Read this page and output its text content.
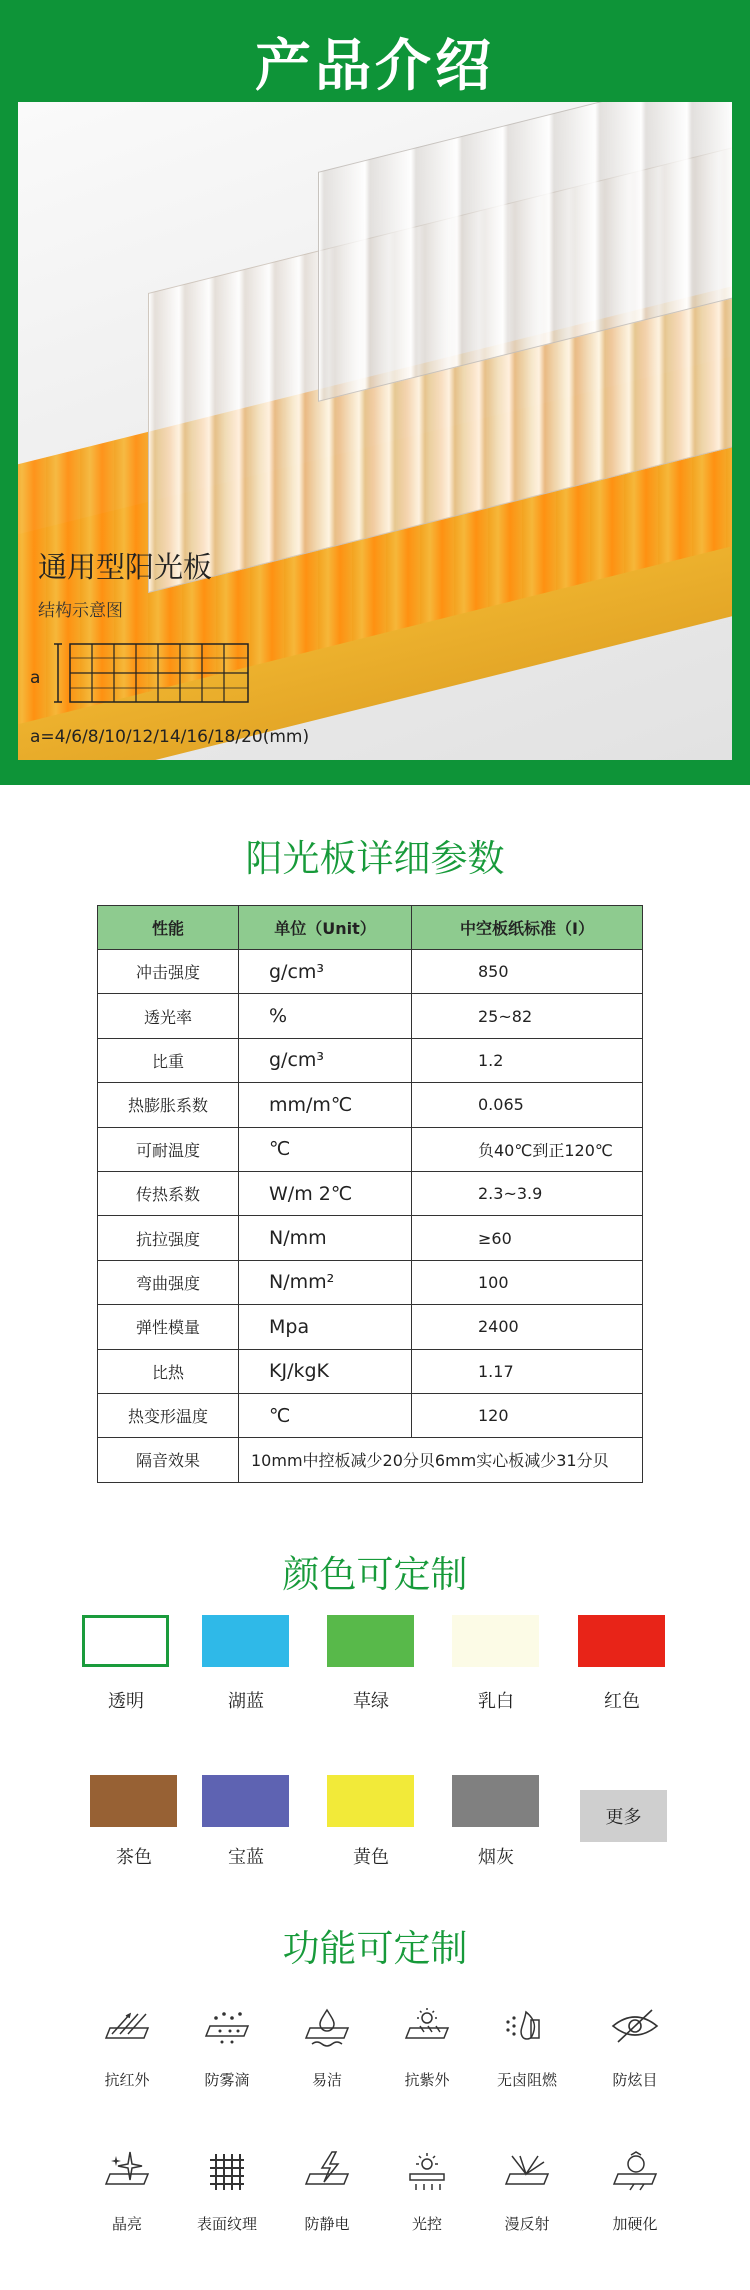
产品介绍
通用型阳光板
结构示意图
a
a=4/6/8/10/12/14/16/18/20(mm)
阳光板详细参数
性能	单位（Unit）	中空板纸标准（Ⅰ）
冲击强度	g/cm³	850
透光率	%	25~82
比重	g/cm³	1.2
热膨胀系数	mm/m℃	0.065
可耐温度	℃	负40℃到正120℃
传热系数	W/m 2℃	2.3~3.9
抗拉强度	N/mm	≥60
弯曲强度	N/mm²	100
弹性模量	Mpa	2400
比热	KJ/kgK	1.17
热变形温度	℃	120
隔音效果	10mm中控板减少20分贝6mm实心板减少31分贝	
颜色可定制
透明	湖蓝	草绿	乳白	红色
茶色	宝蓝	黄色	烟灰
更多
功能可定制
抗红外	防雾滴	易洁	抗紫外	无卤阻燃	防炫目
晶亮	表面纹理	防静电	光控	漫反射	加硬化
